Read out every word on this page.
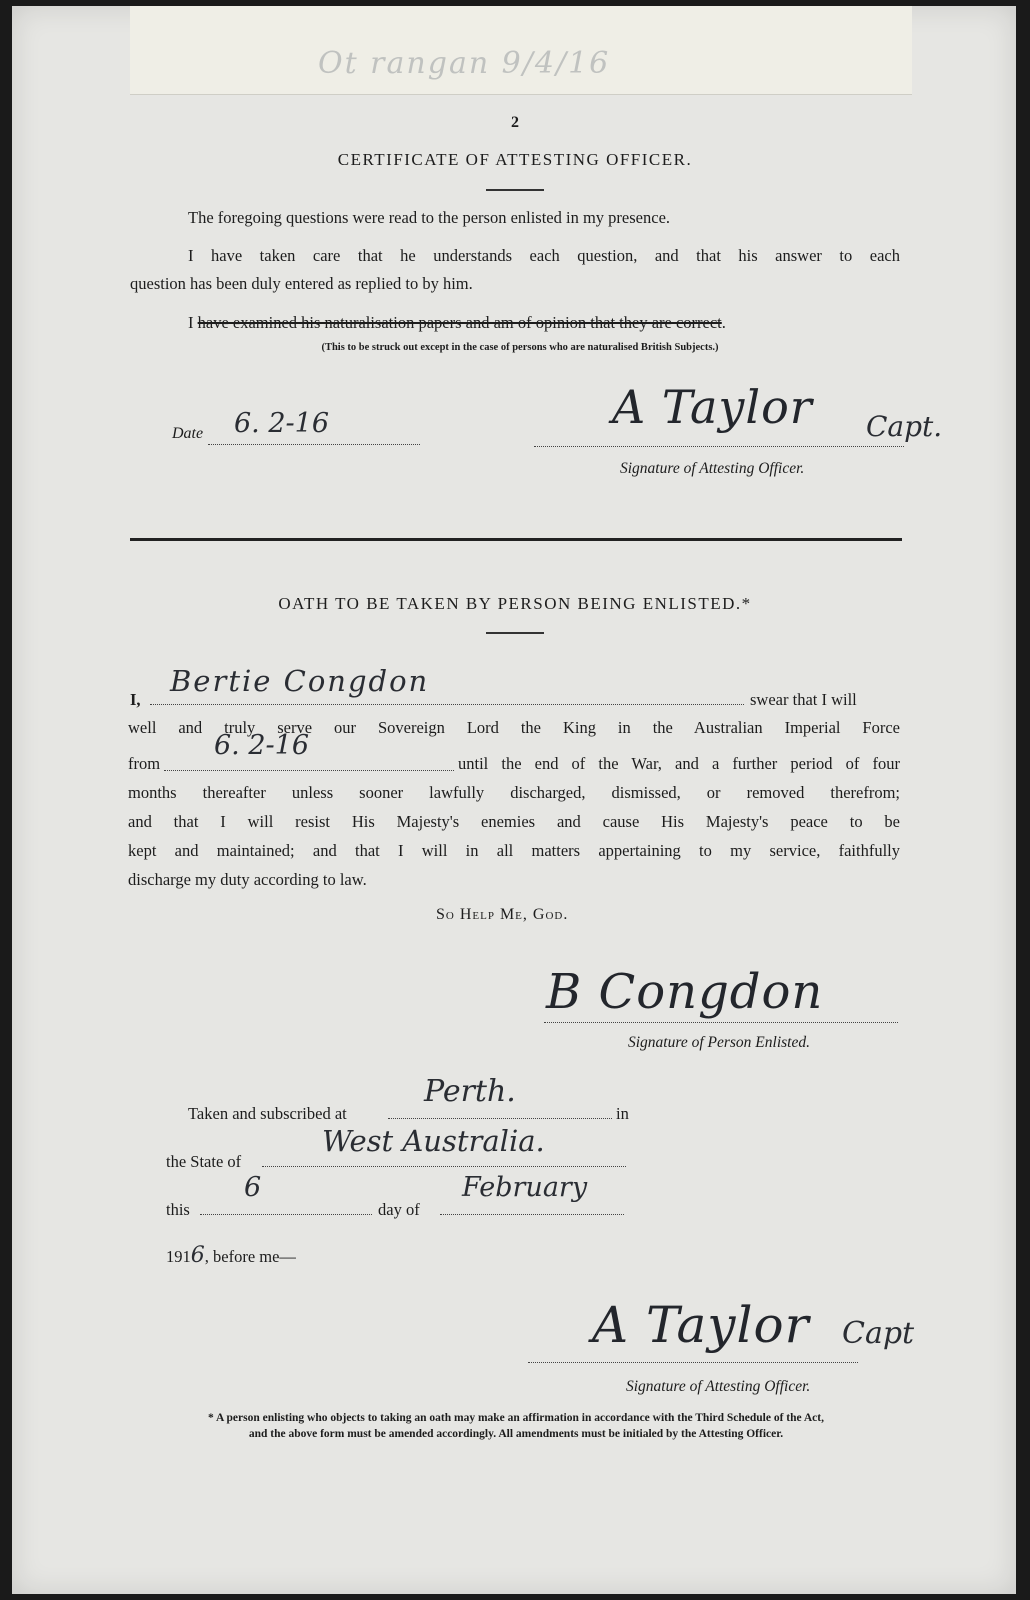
Ot rangan 9/4/16
2
CERTIFICATE OF ATTESTING OFFICER.
The foregoing questions were read to the person enlisted in my presence.
I have taken care that he understands each question, and that his answer to each
question has been duly entered as replied to by him.
I have examined his naturalisation papers and am of opinion that they are correct.
(This to be struck out except in the case of persons who are naturalised British Subjects.)
Date 6. 2-16	A Taylor Capt.
Signature of Attesting Officer.
OATH TO BE TAKEN BY PERSON BEING ENLISTED.*
I,
Bertie Congdon
swear that I will
well and truly serve our Sovereign Lord the King in the Australian Imperial Force
from
6. 2-16
until the end of the War, and a further period of four
months thereafter unless sooner lawfully discharged, dismissed, or removed therefrom;
and that I will resist His Majesty's enemies and cause His Majesty's peace to be
kept and maintained; and that I will in all matters appertaining to my service, faithfully
discharge my duty according to law.
So Help Me, God.
B Congdon
Signature of Person Enlisted.
Taken and subscribed at
Perth.
in
the State of
West Australia.
this
6
day of
February
1916, before me—
A Taylor Capt
Signature of Attesting Officer.
* A person enlisting who objects to taking an oath may make an affirmation in accordance with the Third Schedule of the Act,
and the above form must be amended accordingly. All amendments must be initialed by the Attesting Officer.
